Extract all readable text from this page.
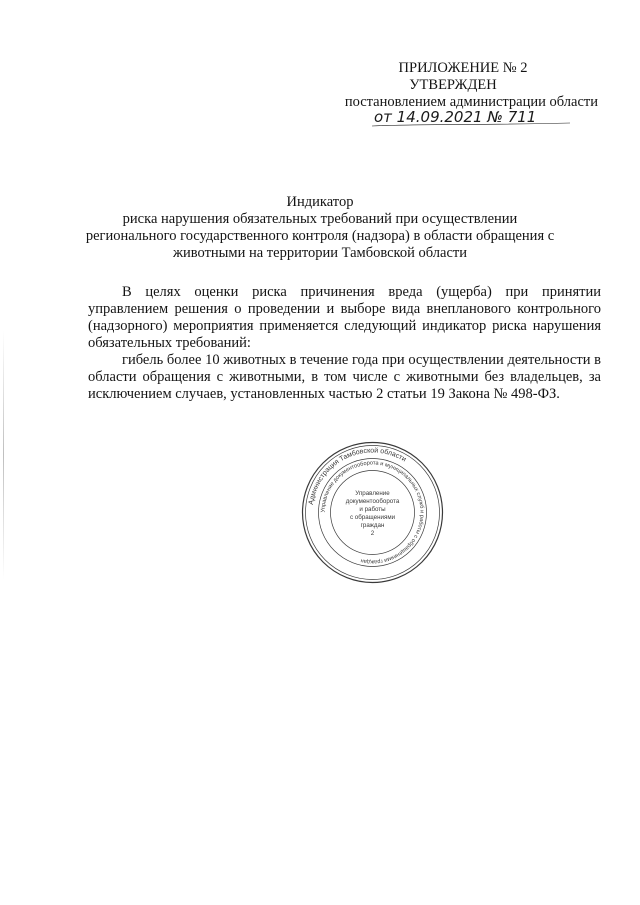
ПРИЛОЖЕНИЕ № 2
УТВЕРЖДЕН
постановлением администрации области
от 14.09.2021 № 711
Индикатор
риска нарушения обязательных требований при осуществлении
регионального государственного контроля (надзора) в области обращения с
животными на территории Тамбовской области

В целях оценки риска причинения вреда (ущерба) при принятии управлением решения о проведении и выборе вида внепланового контрольного (надзорного) мероприятия применяется следующий индикатор риска нарушения обязательных требований:

гибель более 10 животных в течение года при осуществлении деятельности в области обращения с животными, в том числе с животными без владельцев, за исключением случаев, установленных частью 2 статьи 19 Закона № 498-ФЗ.

Администрация Тамбовской области
Управление документооборота и муниципальных служб и работы с обращениями граждан
Управление
документооборота
и работы
с обращениями
граждан
2
